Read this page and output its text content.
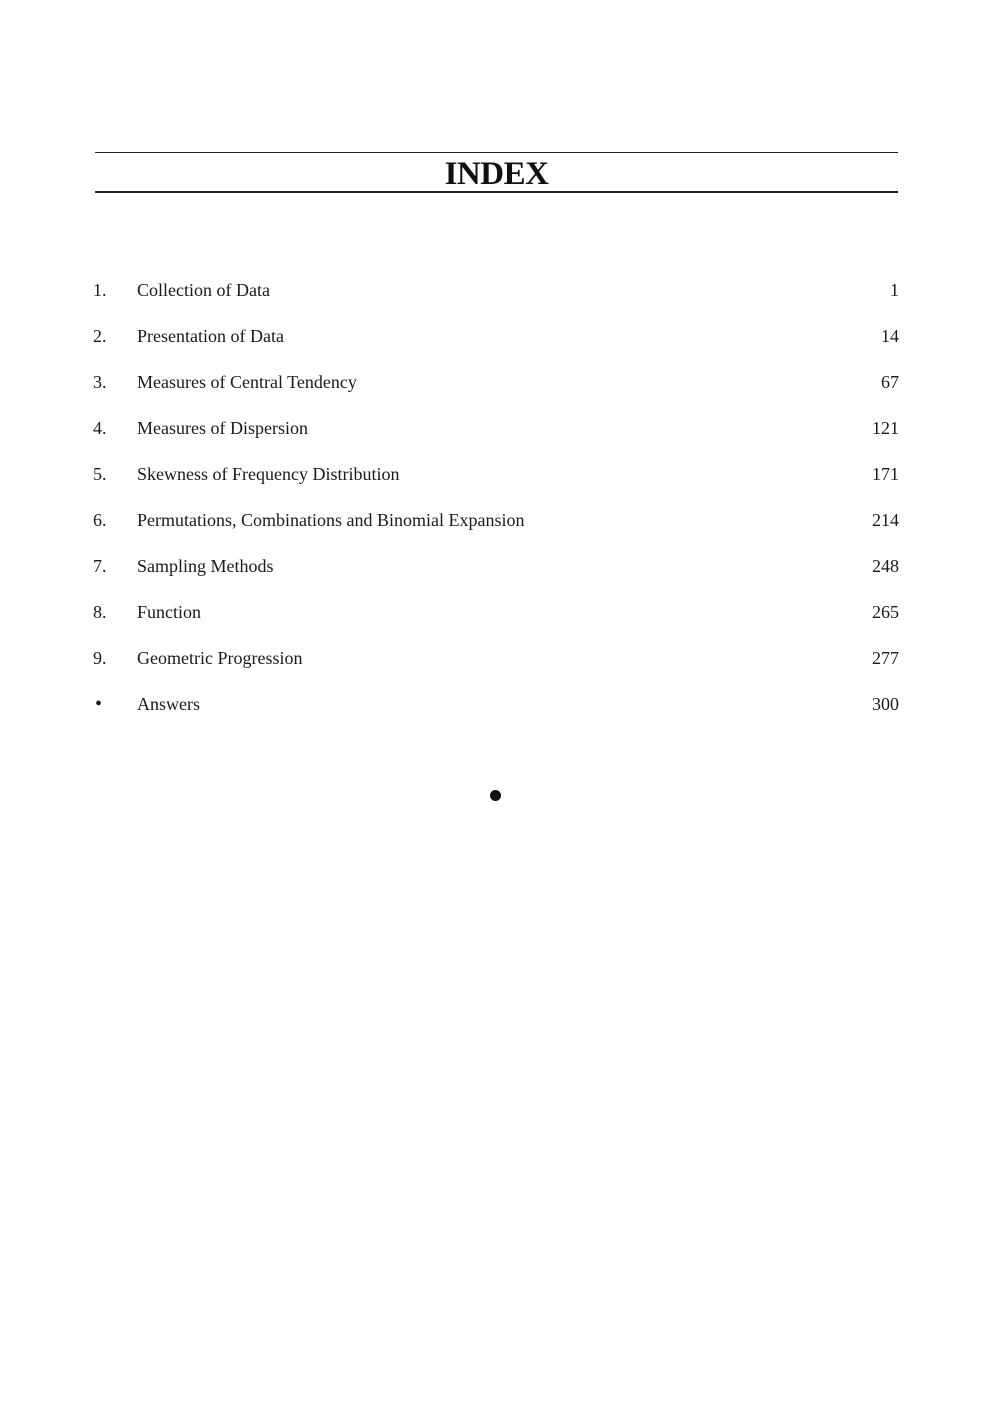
INDEX
1.	Collection of Data	1
2.	Presentation of Data	14
3.	Measures of Central Tendency	67
4.	Measures of Dispersion	121
5.	Skewness of Frequency Distribution	171
6.	Permutations, Combinations and Binomial Expansion	214
7.	Sampling Methods	248
8.	Function	265
9.	Geometric Progression	277
•	Answers	300
